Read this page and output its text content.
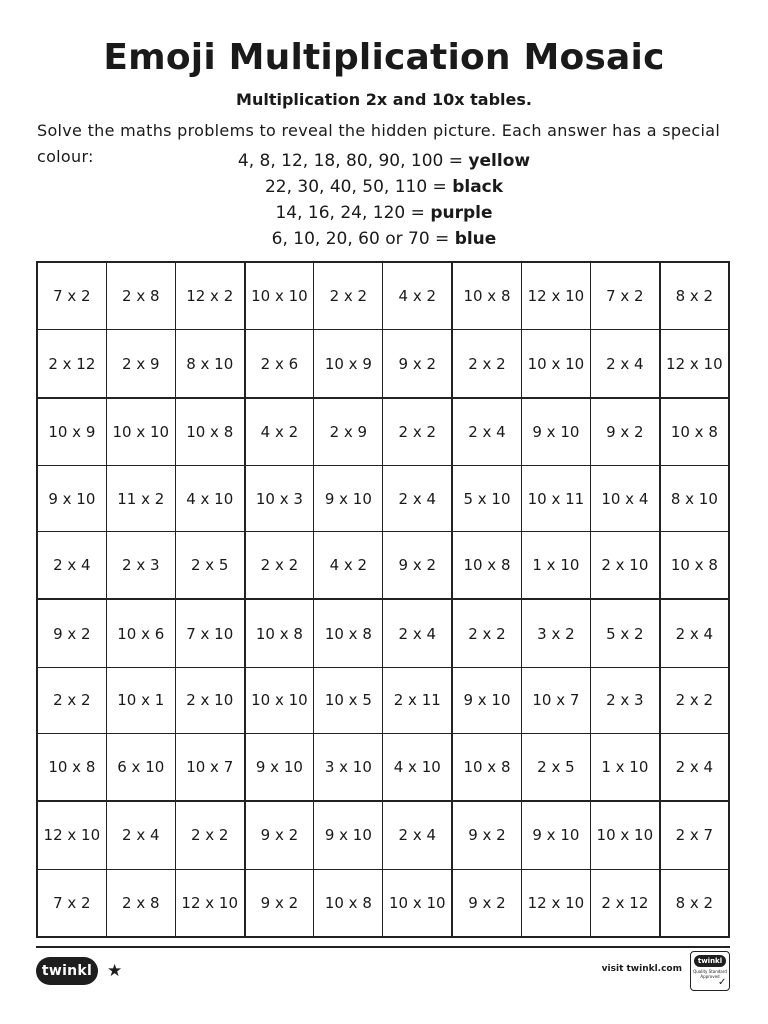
Emoji Multiplication Mosaic
Multiplication 2x and 10x tables.
Solve the maths problems to reveal the hidden picture. Each answer has a special colour:	4, 8, 12, 18, 80, 90, 100 = yellow
22, 30, 40, 50, 110 = black
14, 16, 24, 120 = purple
6, 10, 20, 60 or 70 = blue
7 x 2	2 x 8	12 x 2	10 x 10	2 x 2	4 x 2	10 x 8	12 x 10	7 x 2	8 x 2
2 x 12	2 x 9	8 x 10	2 x 6	10 x 9	9 x 2	2 x 2	10 x 10	2 x 4	12 x 10
10 x 9	10 x 10	10 x 8	4 x 2	2 x 9	2 x 2	2 x 4	9 x 10	9 x 2	10 x 8
9 x 10	11 x 2	4 x 10	10 x 3	9 x 10	2 x 4	5 x 10	10 x 11	10 x 4	8 x 10
2 x 4	2 x 3	2 x 5	2 x 2	4 x 2	9 x 2	10 x 8	1 x 10	2 x 10	10 x 8
9 x 2	10 x 6	7 x 10	10 x 8	10 x 8	2 x 4	2 x 2	3 x 2	5 x 2	2 x 4
2 x 2	10 x 1	2 x 10	10 x 10	10 x 5	2 x 11	9 x 10	10 x 7	2 x 3	2 x 2
10 x 8	6 x 10	10 x 7	9 x 10	3 x 10	4 x 10	10 x 8	2 x 5	1 x 10	2 x 4
12 x 10	2 x 4	2 x 2	9 x 2	9 x 10	2 x 4	9 x 2	9 x 10	10 x 10	2 x 7
7 x 2	2 x 8	12 x 10	9 x 2	10 x 8	10 x 10	9 x 2	12 x 10	2 x 12	8 x 2
twinkl ★	visit twinkl.com
twinkl
Quality Standard Approved
✓
